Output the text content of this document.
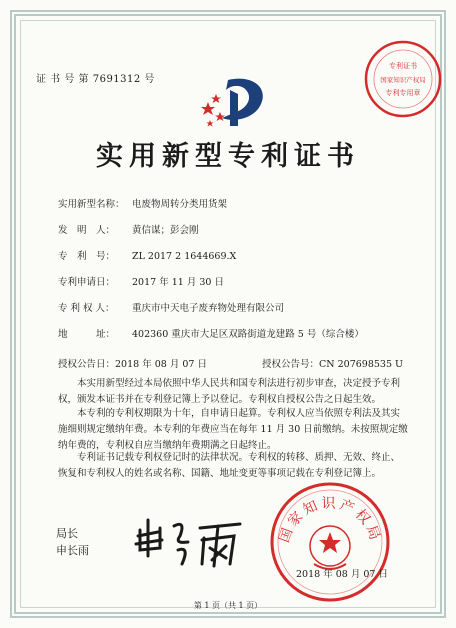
证 书 号 第 7691312 号
专利证书
国家知识产权局
专利专用章
实用新型专利证书
实用新型名称： 电废物周转分类用货架
发　明　人： 黄信谋；彭会刚
专　利　号： ZL 2017 2 1644669.X
专利申请日： 2017 年 11 月 30 日
专 利 权 人： 重庆市中天电子废弃物处理有限公司
地　　　址： 402360 重庆市大足区双路街道龙建路 5 号（综合楼）
授权公告日：2018 年 08 月 07 日	授权公告号：CN 207698535 U
本实用新型经过本局依照中华人民共和国专利法进行初步审查，决定授予专利权，颁发本证书并在专利登记簿上予以登记。专利权自授权公告之日起生效。
本专利的专利权期限为十年，自申请日起算。专利权人应当依照专利法及其实施细则规定缴纳年费。本专利的年费应当在每年 11 月 30 日前缴纳。未按照规定缴纳年费的，专利权自应当缴纳年费期满之日起终止。
专利证书记载专利权登记时的法律状况。专利权的转移、质押、无效、终止、恢复和专利权人的姓名或名称、国籍、地址变更等事项记载在专利登记簿上。
局长
申长雨
国家知识产权局
2018 年 08 月 07 日
第 1 页（共 1 页）
